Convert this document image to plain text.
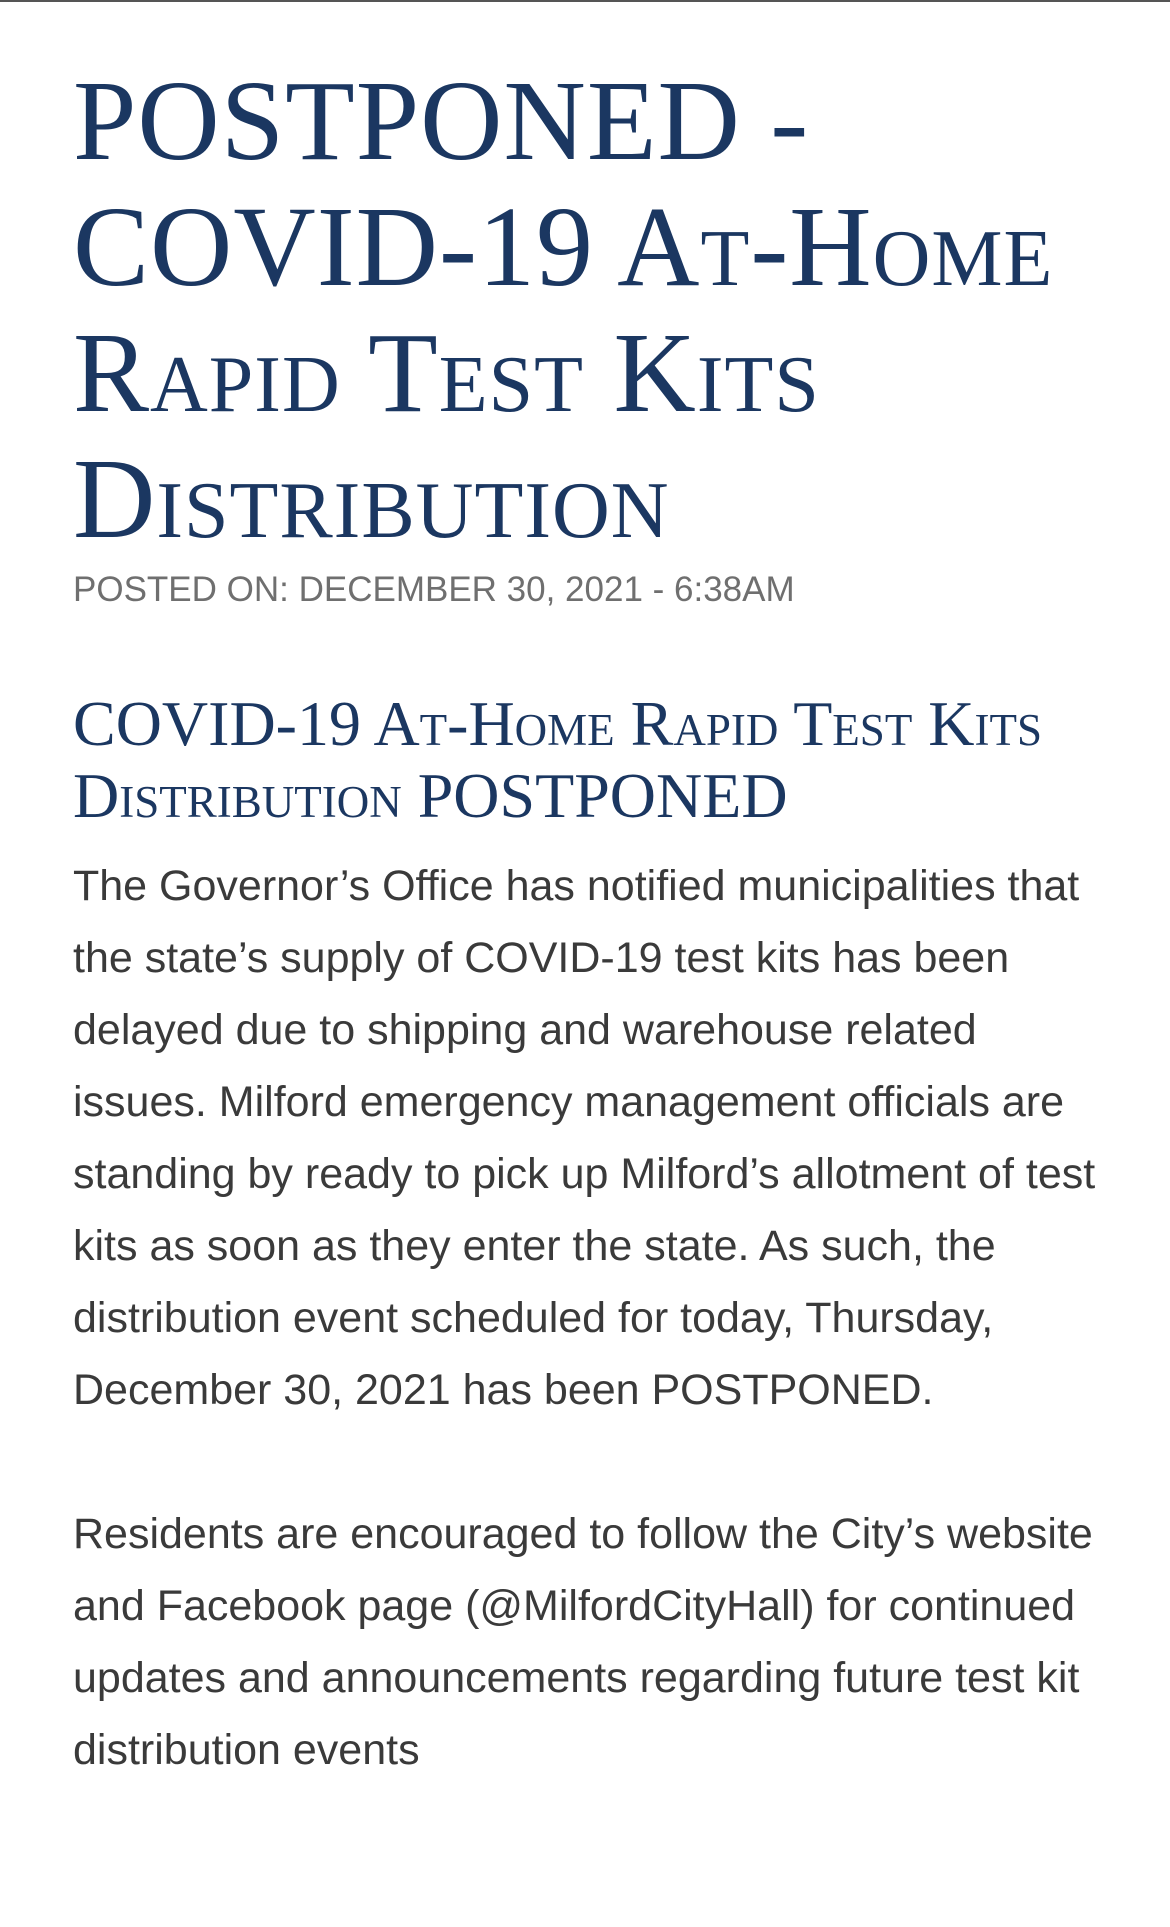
POSTPONED - COVID-19 At-Home Rapid Test Kits Distribution
POSTED ON: DECEMBER 30, 2021 - 6:38AM
COVID-19 At-Home Rapid Test Kits Distribution POSTPONED

The Governor’s Office has notified municipalities that the state’s supply of COVID-19 test kits has been delayed due to shipping and warehouse related issues. Milford emergency management officials are standing by ready to pick up Milford’s allotment of test kits as soon as they enter the state. As such, the distribution event scheduled for today, Thursday, December 30, 2021 has been POSTPONED.

Residents are encouraged to follow the City’s website and Facebook page (@MilfordCityHall) for continued updates and announcements regarding future test kit distribution events
